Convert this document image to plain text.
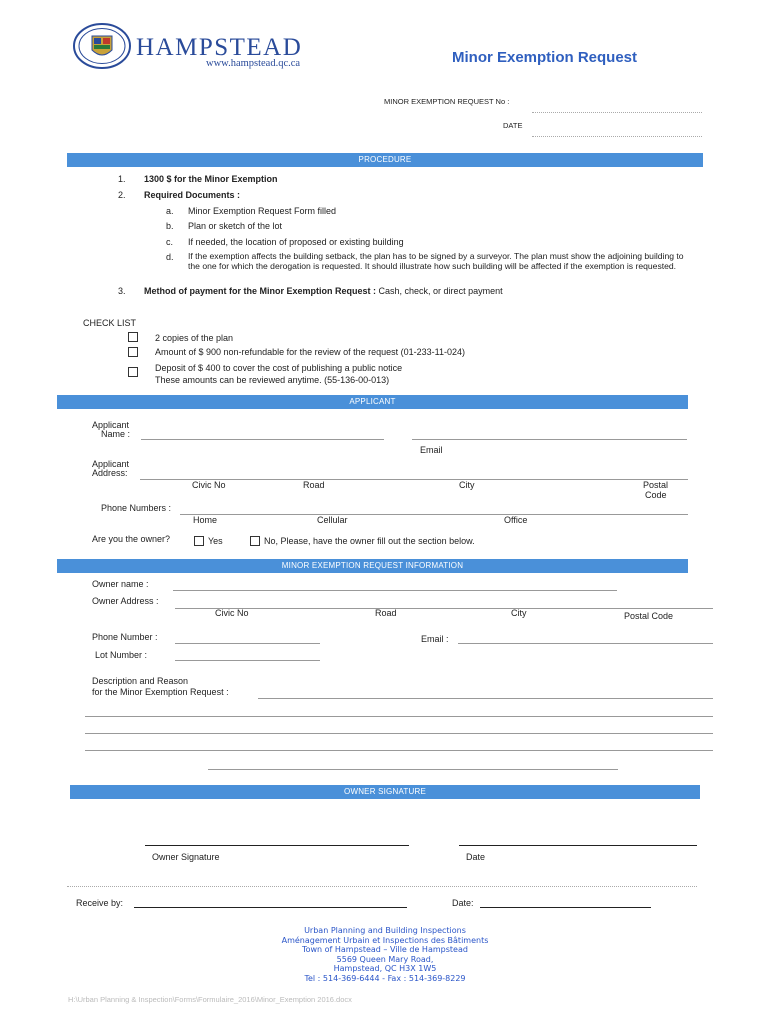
HAMPSTEAD
www.hampstead.qc.ca	Minor Exemption Request
MINOR EXEMPTION REQUEST No :
DATE
PROCEDURE
1. 1300 $ for the Minor Exemption
2. Required Documents :
a. Minor Exemption Request Form filled
b. Plan or sketch of the lot
c. If needed, the location of proposed or existing building
d. If the exemption affects the building setback, the plan has to be signed by a surveyor. The plan must show the adjoining building to the one for which the derogation is requested. It should illustrate how such building will be affected if the exemption is requested.
3. Method of payment for the Minor Exemption Request : Cash, check, or direct payment
CHECK LIST
2 copies of the plan
Amount of $ 900 non-refundable for the review of the request (01-233-11-024)
Deposit of $ 400 to cover the cost of publishing a public notice
These amounts can be reviewed anytime. (55-136-00-013)
APPLICANT
Applicant
Name :
Email
Applicant
Address:
Civic No	Road	City	Postal
Code
Phone Numbers :
Home	Cellular	Office
Are you the owner?	Yes	No, Please, have the owner fill out the section below.
MINOR EXEMPTION REQUEST INFORMATION
Owner name :
Owner Address :
Civic No	Road	City	Postal Code
Phone Number :	Email :
Lot Number :
Description and Reason
for the Minor Exemption Request :
OWNER SIGNATURE
Owner Signature	Date
Receive by:	Date:
Urban Planning and Building Inspections
Aménagement Urbain et Inspections des Bâtiments
Town of Hampstead – Ville de Hampstead
5569 Queen Mary Road,
Hampstead, QC H3X 1W5
Tel : 514-369-6444 - Fax : 514-369-8229
H:\Urban Planning & Inspection\Forms\Formulaire_2016\Minor_Exemption 2016.docx
